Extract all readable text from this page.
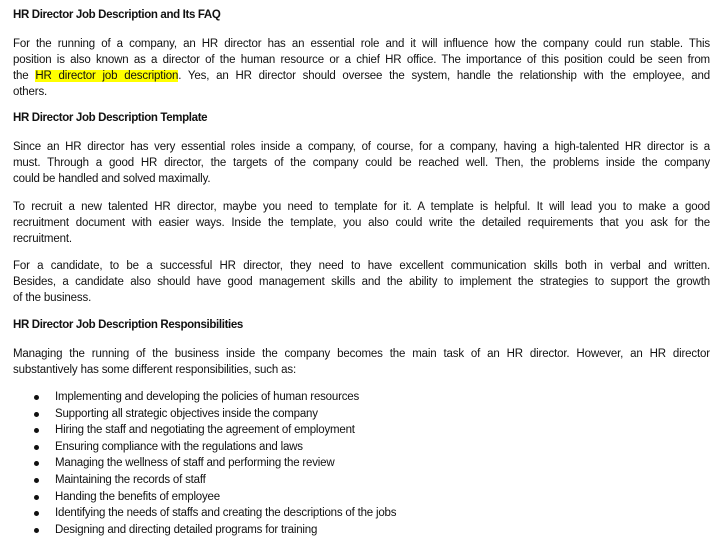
HR Director Job Description and Its FAQ
For the running of a company, an HR director has an essential role and it will influence how the company could run stable. This
position is also known as a director of the human resource or a chief HR office. The importance of this position could be seen from
the HR director job description. Yes, an HR director should oversee the system, handle the relationship with the employee, and
others.
HR Director Job Description Template
Since an HR director has very essential roles inside a company, of course, for a company, having a high-talented HR director is a
must. Through a good HR director, the targets of the company could be reached well. Then, the problems inside the company
could be handled and solved maximally.
To recruit a new talented HR director, maybe you need to template for it. A template is helpful. It will lead you to make a good
recruitment document with easier ways. Inside the template, you also could write the detailed requirements that you ask for the
recruitment.
For a candidate, to be a successful HR director, they need to have excellent communication skills both in verbal and written.
Besides, a candidate also should have good management skills and the ability to implement the strategies to support the growth
of the business.
HR Director Job Description Responsibilities
Managing the running of the business inside the company becomes the main task of an HR director. However, an HR director
substantively has some different responsibilities, such as:
Implementing and developing the policies of human resources
Supporting all strategic objectives inside the company
Hiring the staff and negotiating the agreement of employment
Ensuring compliance with the regulations and laws
Managing the wellness of staff and performing the review
Maintaining the records of staff
Handing the benefits of employee
Identifying the needs of staffs and creating the descriptions of the jobs
Designing and directing detailed programs for training
